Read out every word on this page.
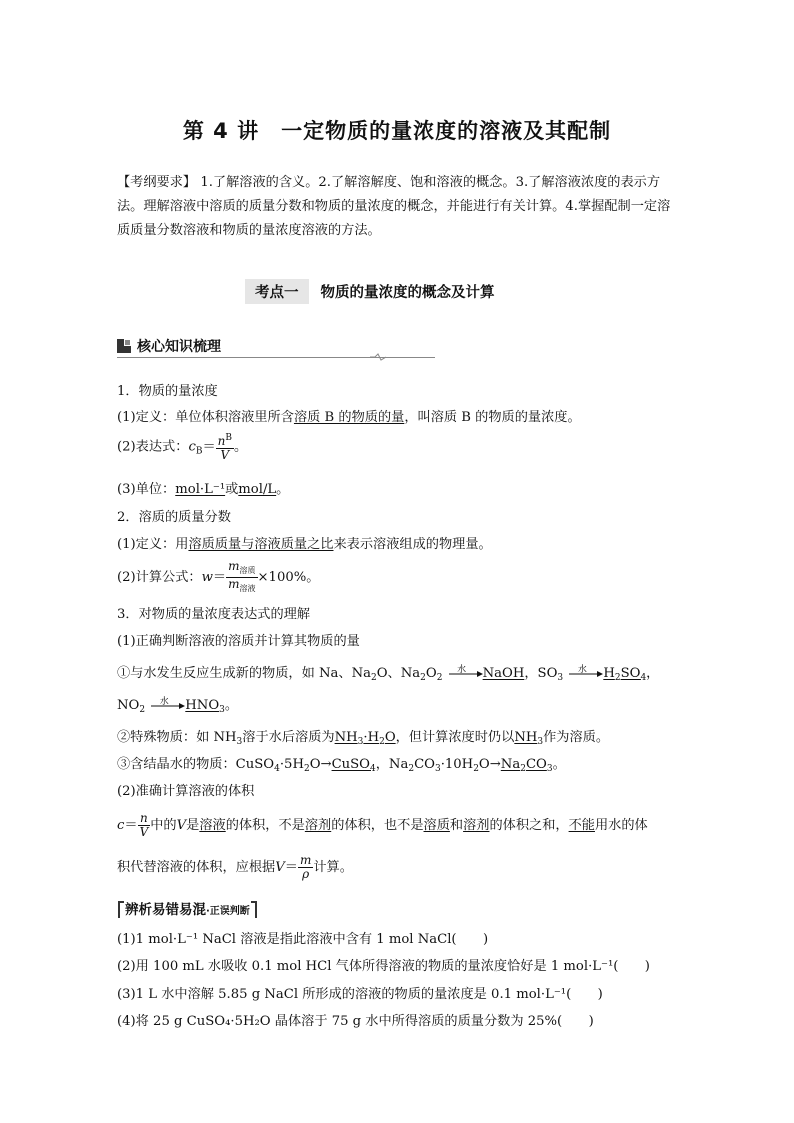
第 4 讲　一定物质的量浓度的溶液及其配制
【考纲要求】 1.了解溶液的含义。2.了解溶解度、饱和溶液的概念。3.了解溶液浓度的表示方法。理解溶液中溶质的质量分数和物质的量浓度的概念，并能进行有关计算。4.掌握配制一定溶质质量分数溶液和物质的量浓度溶液的方法。
考点一	物质的量浓度的概念及计算
核心知识梳理
1．物质的量浓度
(1)定义：单位体积溶液里所含溶质 B 的物质的量，叫溶质 B 的物质的量浓度。
(2)表达式：$c_B= \frac{n^B}{V}$ 。
(3)单位：mol·L⁻¹或mol/L。
2．溶质的质量分数
(1)定义：用溶质质量与溶液质量之比来表示溶液组成的物理量。
(2)计算公式：$w= \frac{m_{溶质}}{m_{溶液}} \times 100\%$。
3．对物质的量浓度表达式的理解
(1)正确判断溶液的溶质并计算其物质的量
①与水发生反应生成新的物质，如 Na、$Na_2O$、$Na_2O_2$
水	NaOH，$SO_3$
水	$H_2SO_4$，
$NO_2$
水	$HNO_3$。
②特殊物质：如 $NH_3$溶于水后溶质为$NH_3\cdot H_2O$，但计算浓度时仍以$NH_3$作为溶质。
③含结晶水的物质：$CuSO_4\cdot 5H_2O\to CuSO_4$，$Na_2CO_3\cdot 10H_2O\to Na_2CO_3$。
(2)准确计算溶液的体积
$c= \frac{n}{V}$ 中的V是溶液的体积，不是溶剂的体积，也不是溶质和溶剂的体积之和，不能用水的体
积代替溶液的体积，应根据$V= \frac{m}{\rho}$ 计算。
辨析易错易混·正误判断
(1)1 mol·L⁻¹ NaCl 溶液是指此溶液中含有 1 mol NaCl(　　)
(2)用 100 mL 水吸收 0.1 mol HCl 气体所得溶液的物质的量浓度恰好是 1 mol·L⁻¹(　　)
(3)1 L 水中溶解 5.85 g NaCl 所形成的溶液的物质的量浓度是 0.1 mol·L⁻¹(　　)
(4)将 25 g CuSO₄·5H₂O 晶体溶于 75 g 水中所得溶质的质量分数为 25%(　　)
